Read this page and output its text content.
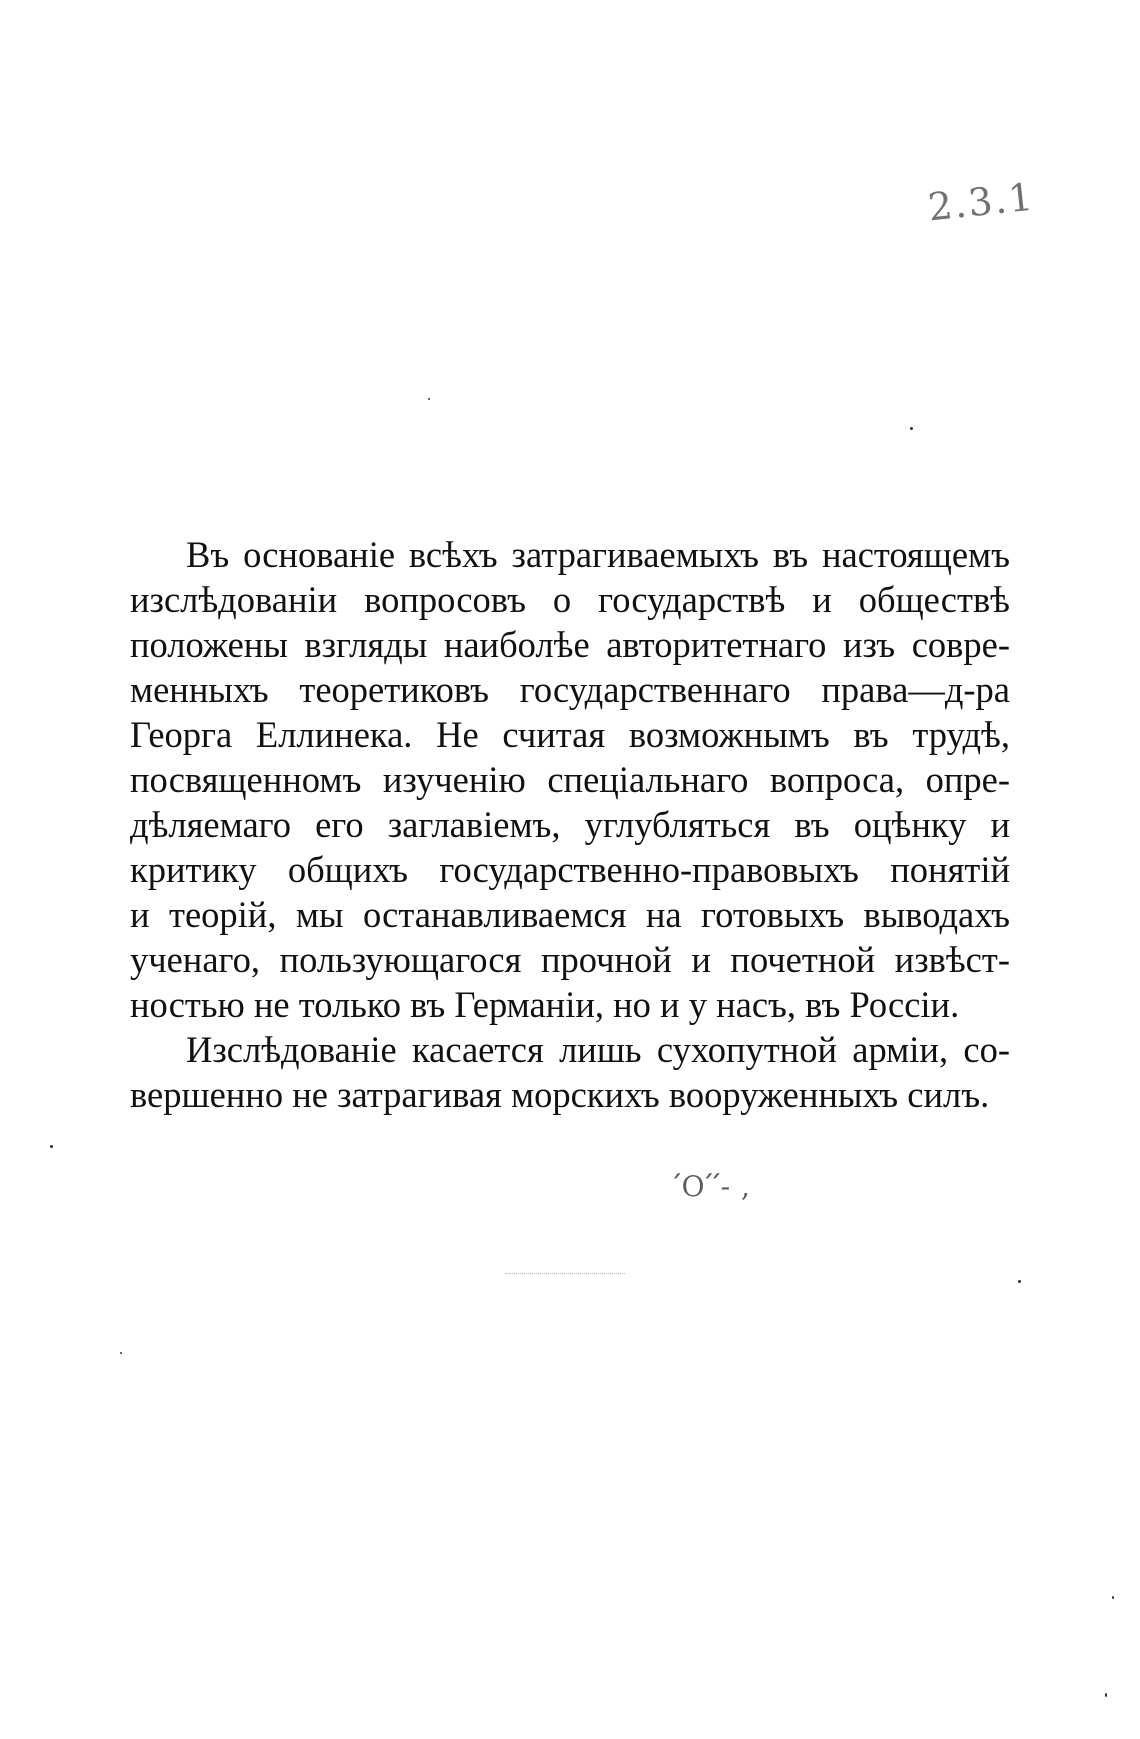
2.3.1
Въ основаніе всѣхъ затрагиваемыхъ въ настоящемъ
изслѣдованіи вопросовъ о государствѣ и обществѣ
положены взгляды наиболѣе авторитетнаго изъ совре-
менныхъ теоретиковъ государственнаго права—д-ра
Георга Еллинека. Не считая возможнымъ въ трудѣ,
посвященномъ изученію спеціальнаго вопроса, опре-
дѣляемаго его заглавіемъ, углубляться въ оцѣнку и
критику общихъ государственно-правовыхъ понятій
и теорій, мы останавливаемся на готовыхъ выводахъ
ученаго, пользующагося прочной и почетной извѣст-
ностью не только въ Германіи, но и у насъ, въ Россіи.
Изслѣдованіе касается лишь сухопутной арміи, со-
вершенно не затрагивая морскихъ вооруженныхъ силъ.
՛Օ՛՛- ,
